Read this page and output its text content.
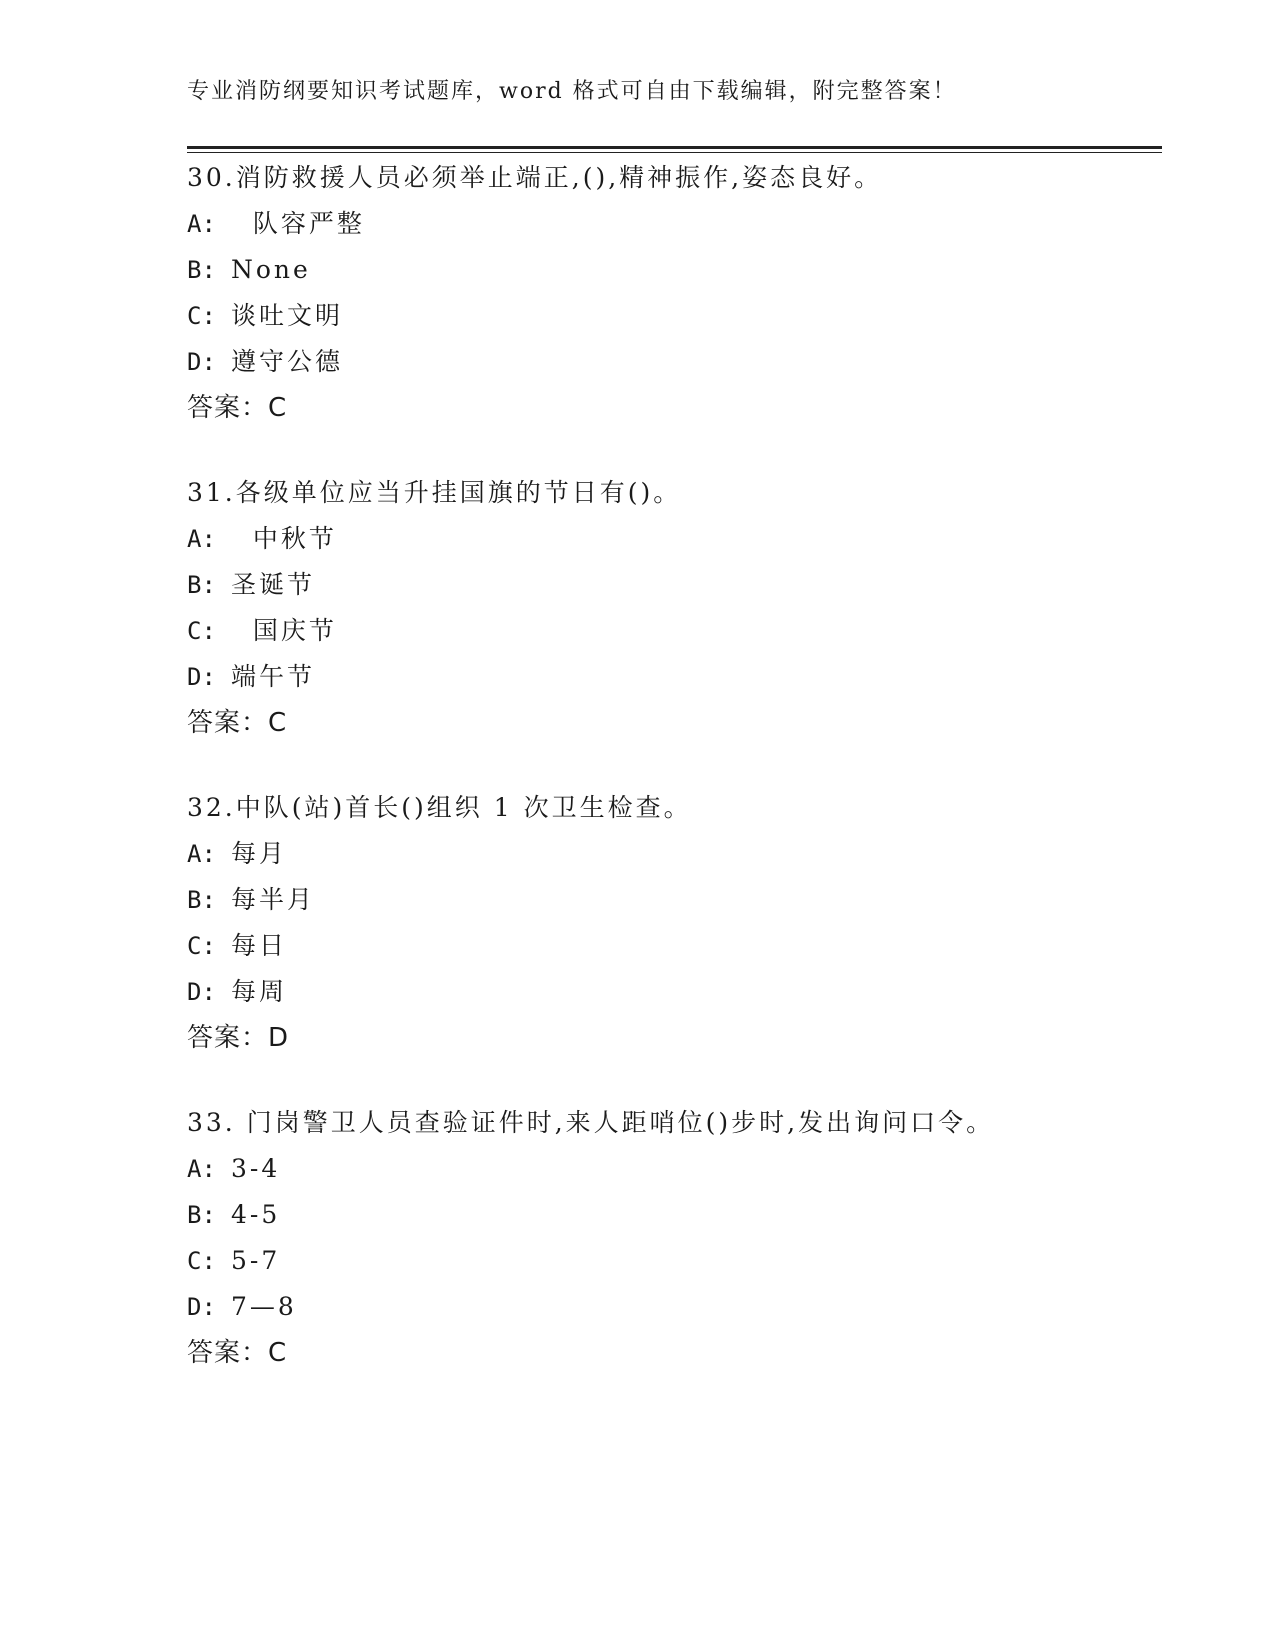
专业消防纲要知识考试题库，word 格式可自由下载编辑，附完整答案！
30.消防救援人员必须举止端正,(),精神振作,姿态良好。
A:  队容严整
B: None
C: 谈吐文明
D: 遵守公德
答案：C
31.各级单位应当升挂国旗的节日有()。
A:  中秋节
B: 圣诞节
C:  国庆节
D: 端午节
答案：C
32.中队(站)首长()组织 1 次卫生检查。
A: 每月
B: 每半月
C: 每日
D: 每周
答案：D
33. 门岗警卫人员查验证件时,来人距哨位()步时,发出询问口令。
A: 3-4
B: 4-5
C: 5-7
D: 7—8
答案：C
